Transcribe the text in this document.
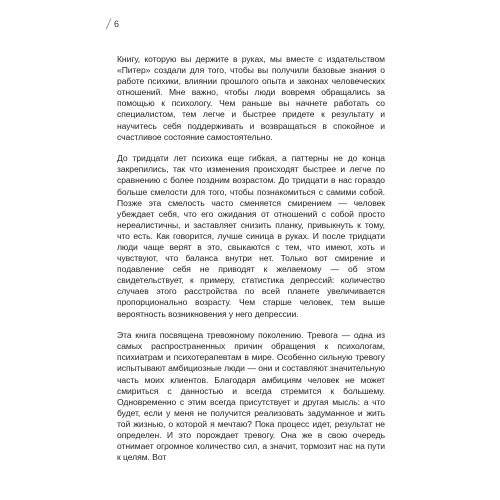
6

Книгу, которую вы держите в руках, мы вместе с издательством «Питер» создали для того, чтобы вы получили базовые знания о работе психики, влиянии прошлого опыта и законах человеческих отношений. Мне важно, чтобы люди вовремя обращались за помощью к психологу. Чем раньше вы начнете работать со специалистом, тем легче и быстрее придете к результату и научитесь себя поддерживать и возвращаться в спокойное и счастливое состояние самостоятельно.

До тридцати лет психика еще гибкая, а паттерны не до конца закрепились, так что изменения происходят быстрее и легче по сравнению с более поздним возрастом. До тридцати в нас гораздо больше смелости для того, чтобы познакомиться с самими собой. Позже эта смелость часто сменяется смирением — человек убеждает себя, что его ожидания от отношений с собой просто нереалистичны, и заставляет снизить планку, привыкнуть к тому, что есть. Как говорится, лучше синица в руках. И после тридцати люди чаще верят в это, свыкаются с тем, что имеют, хоть и чувствуют, что баланса внутри нет. Только вот смирение и подавление себя не приводят к желаемому — об этом свидетельствует, к примеру, статистика депрессий: количество случаев этого расстройства по всей планете увеличивается пропорционально возрасту. Чем старше человек, тем выше вероятность возникновения у него депрессии.

Эта книга посвящена тревожному поколению. Тревога — одна из самых распространенных причин обращения к психологам, психиатрам и психотерапевтам в мире. Особенно сильную тревогу испытывают амбициозные люди — они и составляют значительную часть моих клиентов. Благодаря амбициям человек не может смириться с данностью и всегда стремится к большему. Одновременно с этим всегда присутствует и другая мысль: а что будет, если у меня не получится реализовать задуманное и жить той жизнью, о которой я мечтаю? Пока процесс идет, результат не определен. И это порождает тревогу. Она же в свою очередь отнимает огромное количество сил, а значит, тормозит нас на пути к целям. Вот
